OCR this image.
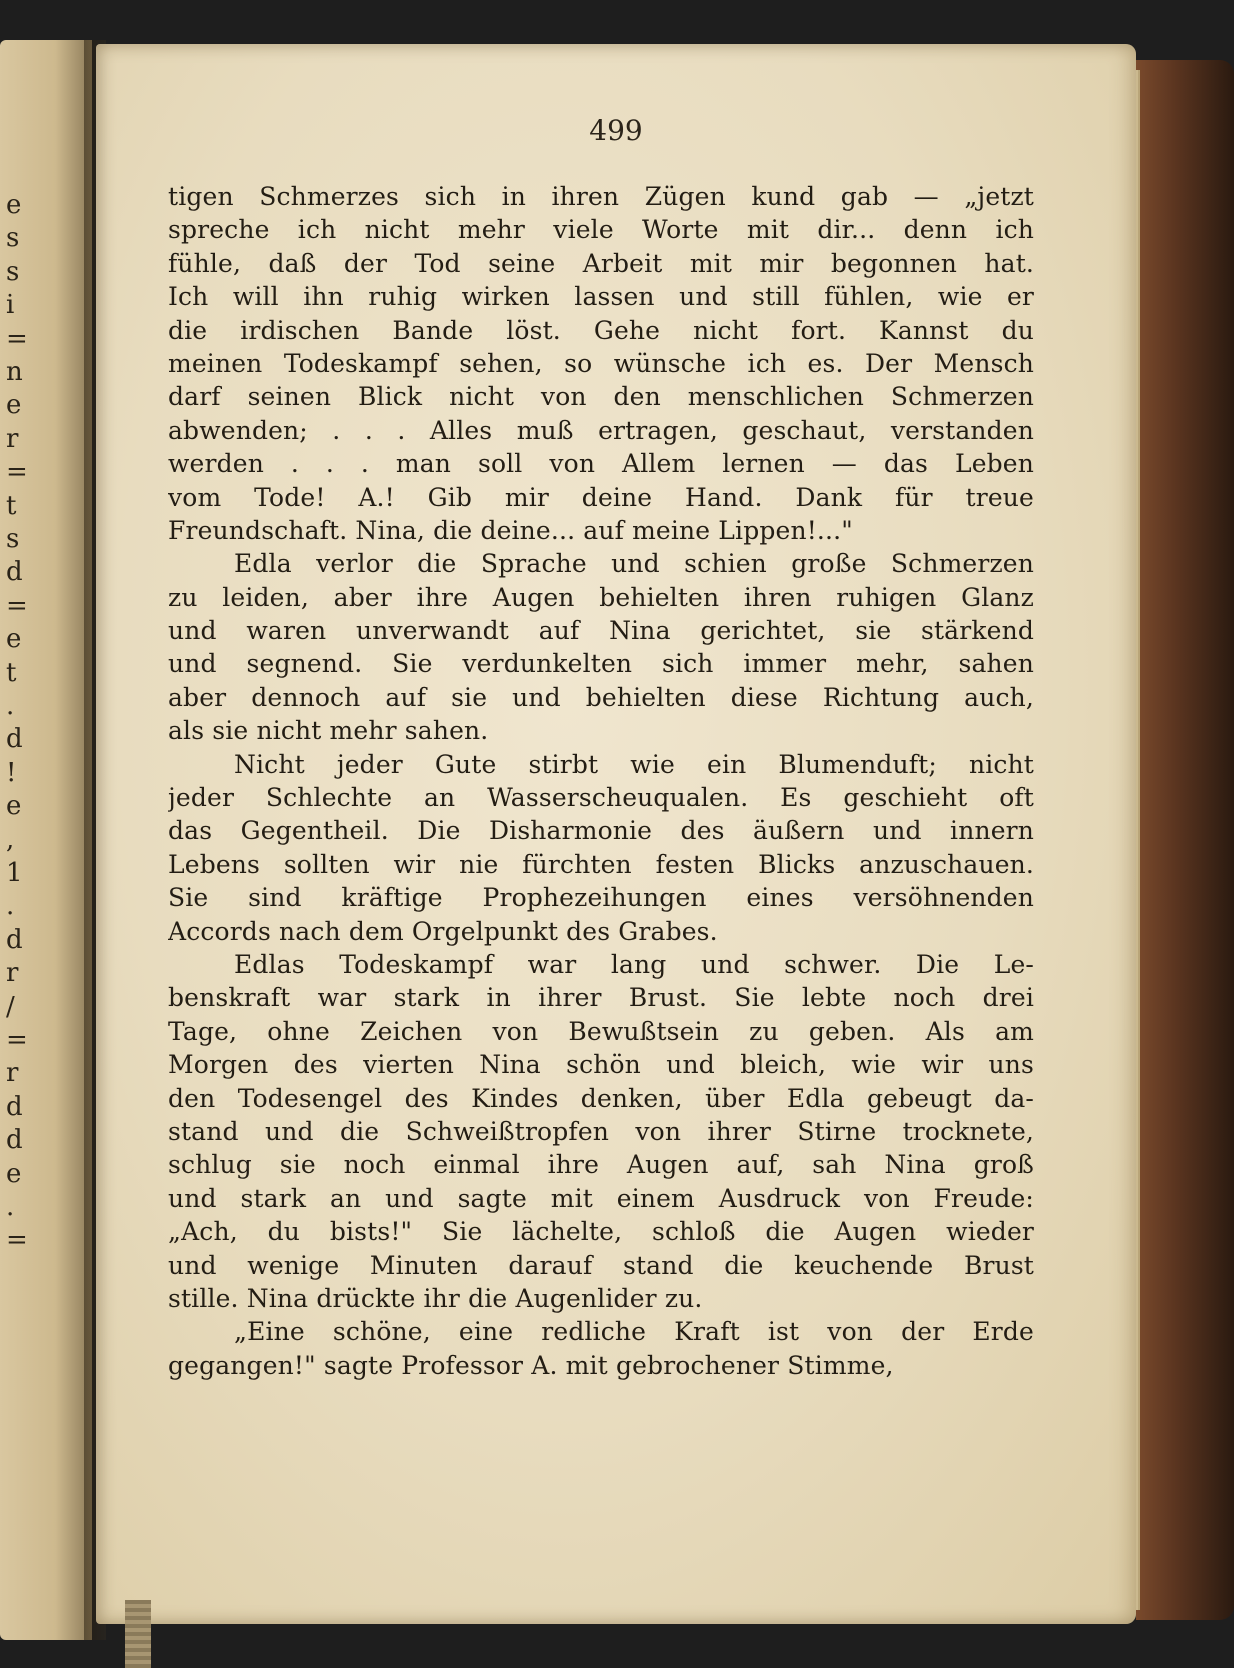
e
s
s
i
=
n
e
r
=
t
s
d
=
e
t
.
d
!
e
,
1
.
d
r
/
=
r
d
d
e
.
=
499
tigen Schmerzes sich in ihren Zügen kund gab — „jetzt
spreche ich nicht mehr viele Worte mit dir... denn ich
fühle, daß der Tod seine Arbeit mit mir begonnen hat.
Ich will ihn ruhig wirken lassen und still fühlen, wie er
die irdischen Bande löst. Gehe nicht fort. Kannst du
meinen Todeskampf sehen, so wünsche ich es. Der Mensch
darf seinen Blick nicht von den menschlichen Schmerzen
abwenden; . . . Alles muß ertragen, geschaut, verstanden
werden . . . man soll von Allem lernen — das Leben
vom Tode! A.! Gib mir deine Hand. Dank für treue
Freundschaft. Nina, die deine... auf meine Lippen!..."
Edla verlor die Sprache und schien große Schmerzen
zu leiden, aber ihre Augen behielten ihren ruhigen Glanz
und waren unverwandt auf Nina gerichtet, sie stärkend
und segnend. Sie verdunkelten sich immer mehr, sahen
aber dennoch auf sie und behielten diese Richtung auch,
als sie nicht mehr sahen.
Nicht jeder Gute stirbt wie ein Blumenduft; nicht
jeder Schlechte an Wasserscheuqualen. Es geschieht oft
das Gegentheil. Die Disharmonie des äußern und innern
Lebens sollten wir nie fürchten festen Blicks anzuschauen.
Sie sind kräftige Prophezeihungen eines versöhnenden
Accords nach dem Orgelpunkt des Grabes.
Edlas Todeskampf war lang und schwer. Die Le-
benskraft war stark in ihrer Brust. Sie lebte noch drei
Tage, ohne Zeichen von Bewußtsein zu geben. Als am
Morgen des vierten Nina schön und bleich, wie wir uns
den Todesengel des Kindes denken, über Edla gebeugt da-
stand und die Schweißtropfen von ihrer Stirne trocknete,
schlug sie noch einmal ihre Augen auf, sah Nina groß
und stark an und sagte mit einem Ausdruck von Freude:
„Ach, du bists!" Sie lächelte, schloß die Augen wieder
und wenige Minuten darauf stand die keuchende Brust
stille. Nina drückte ihr die Augenlider zu.
„Eine schöne, eine redliche Kraft ist von der Erde
gegangen!" sagte Professor A. mit gebrochener Stimme,
